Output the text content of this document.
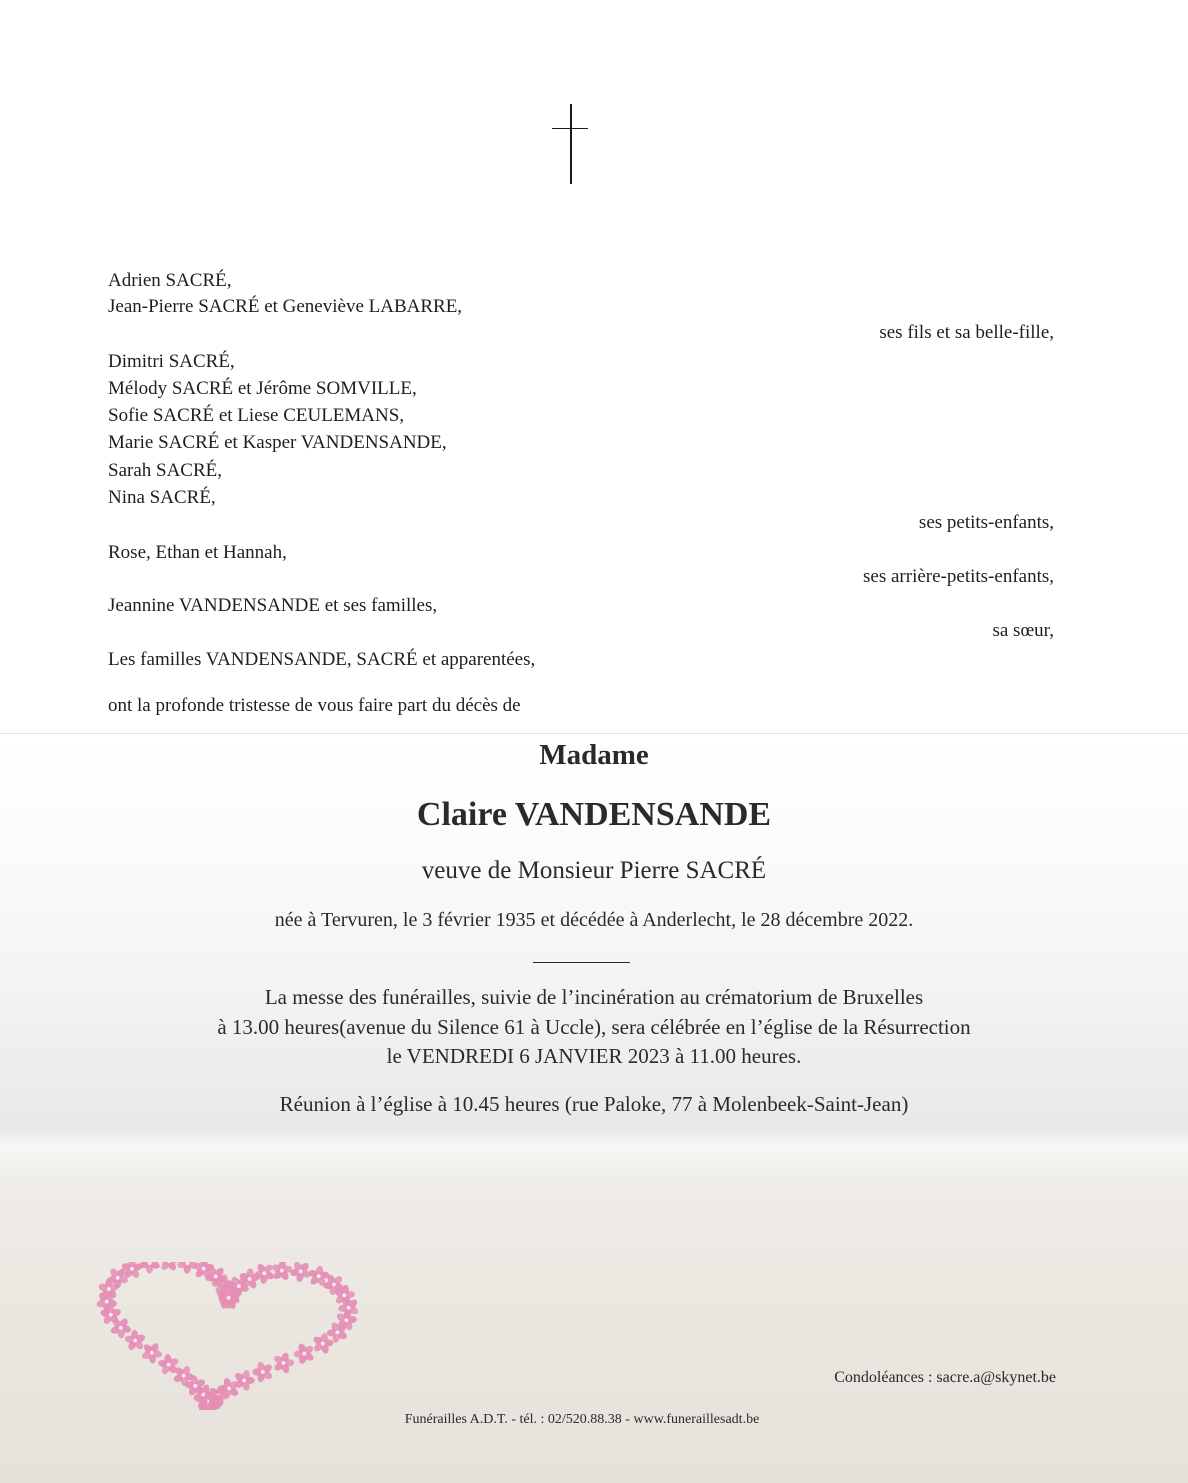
Adrien SACRÉ,
Jean-Pierre SACRÉ et Geneviève LABARRE,
ses fils et sa belle-fille,
Dimitri SACRÉ,
Mélody SACRÉ et Jérôme SOMVILLE,
Sofie SACRÉ et Liese CEULEMANS,
Marie SACRÉ et Kasper VANDENSANDE,
Sarah SACRÉ,
Nina SACRÉ,
ses petits-enfants,
Rose, Ethan et Hannah,
ses arrière-petits-enfants,
Jeannine VANDENSANDE et ses familles,
sa sœur,
Les familles VANDENSANDE, SACRÉ et apparentées,
ont la profonde tristesse de vous faire part du décès de
Madame
Claire VANDENSANDE
veuve de Monsieur Pierre SACRÉ
née à Tervuren, le 3 février 1935 et décédée à Anderlecht, le 28 décembre 2022.
La messe des funérailles, suivie de l’incinération au crématorium de Bruxelles
à 13.00 heures(avenue du Silence 61 à Uccle), sera célébrée en l’église de la Résurrection
le VENDREDI 6 JANVIER 2023 à 11.00 heures.
Réunion à l’église à 10.45 heures (rue Paloke, 77 à Molenbeek-Saint-Jean)
Condoléances : sacre.a@skynet.be
Funérailles A.D.T. - tél. : 02/520.88.38 - www.funeraillesadt.be
